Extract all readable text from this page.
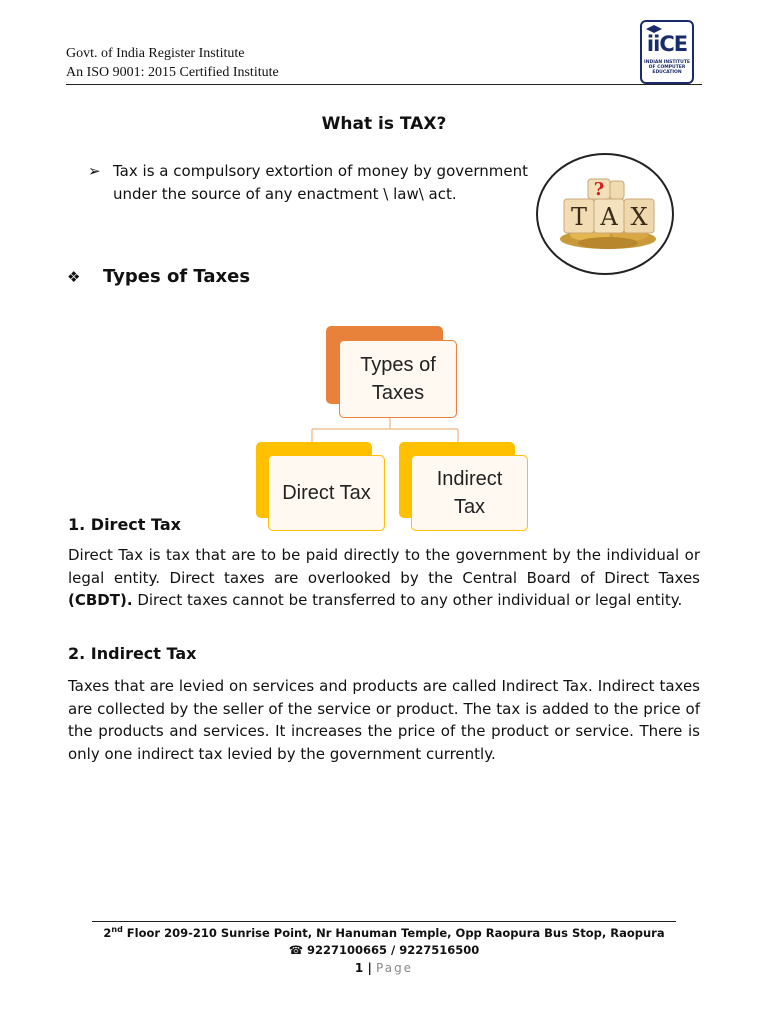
Govt. of India Register Institute
An ISO 9001: 2015 Certified Institute
iiCE
INDIAN INSTITUTE OF COMPUTER EDUCATION
What is TAX?
➢ Tax is a compulsory extortion of money by government under the source of any enactment \ law\ act.	?
T A X
❖ Types of Taxes
Types of Taxes
Direct Tax
Indirect Tax
1. Direct Tax
Direct Tax is tax that are to be paid directly to the government by the individual or legal entity. Direct taxes are overlooked by the Central Board of Direct Taxes (CBDT). Direct taxes cannot be transferred to any other individual or legal entity.
2. Indirect Tax
Taxes that are levied on services and products are called Indirect Tax. Indirect taxes are collected by the seller of the service or product. The tax is added to the price of the products and services. It increases the price of the product or service. There is only one indirect tax levied by the government currently.
2nd Floor 209-210 Sunrise Point, Nr Hanuman Temple, Opp Raopura Bus Stop, Raopura
☎ 9227100665 / 9227516500
1 | Page
